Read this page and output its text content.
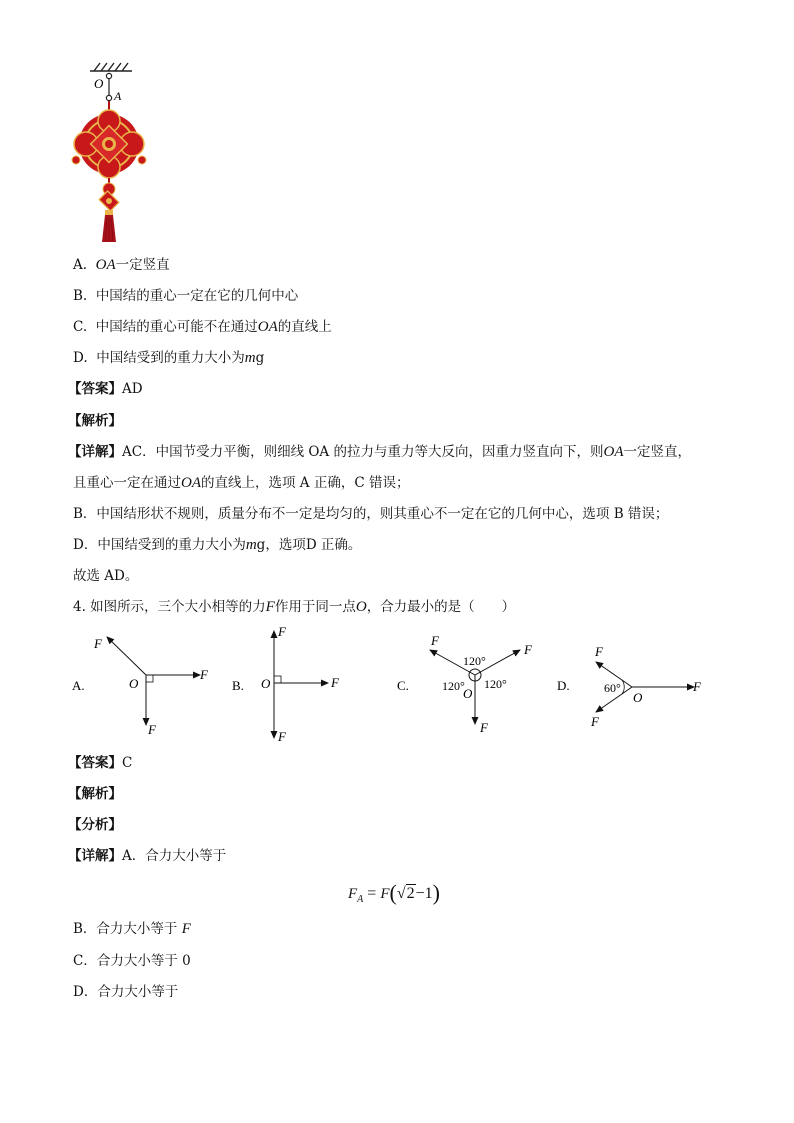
O
A
A. OA一定竖直
B. 中国结的重心一定在它的几何中心
C. 中国结的重心可能不在通过OA的直线上
D. 中国结受到的重力大小为mg
【答案】AD
【解析】
【详解】AC．中国节受力平衡，则细线 OA 的拉力与重力等大反向，因重力竖直向下，则OA一定竖直，
且重心一定在通过OA的直线上，选项 A 正确，C 错误；
B．中国结形状不规则，质量分布不一定是均匀的，则其重心不一定在它的几何中心，选项 B 错误；
D．中国结受到的重力大小为mg，选项D 正确。
故选 AD。
4. 如图所示，三个大小相等的力F作用于同一点O，合力最小的是（　　）
A.	O
F
F
F
B. O
F
F
F
C.
O
F
F
F
120°
120° 120°	D.	60°
O
F
F
F
【答案】C
【解析】
【分析】
【详解】A．合力大小等于
$F_A = F(√2-1)$
B．合力大小等于 F
C．合力大小等于 0
D．合力大小等于
